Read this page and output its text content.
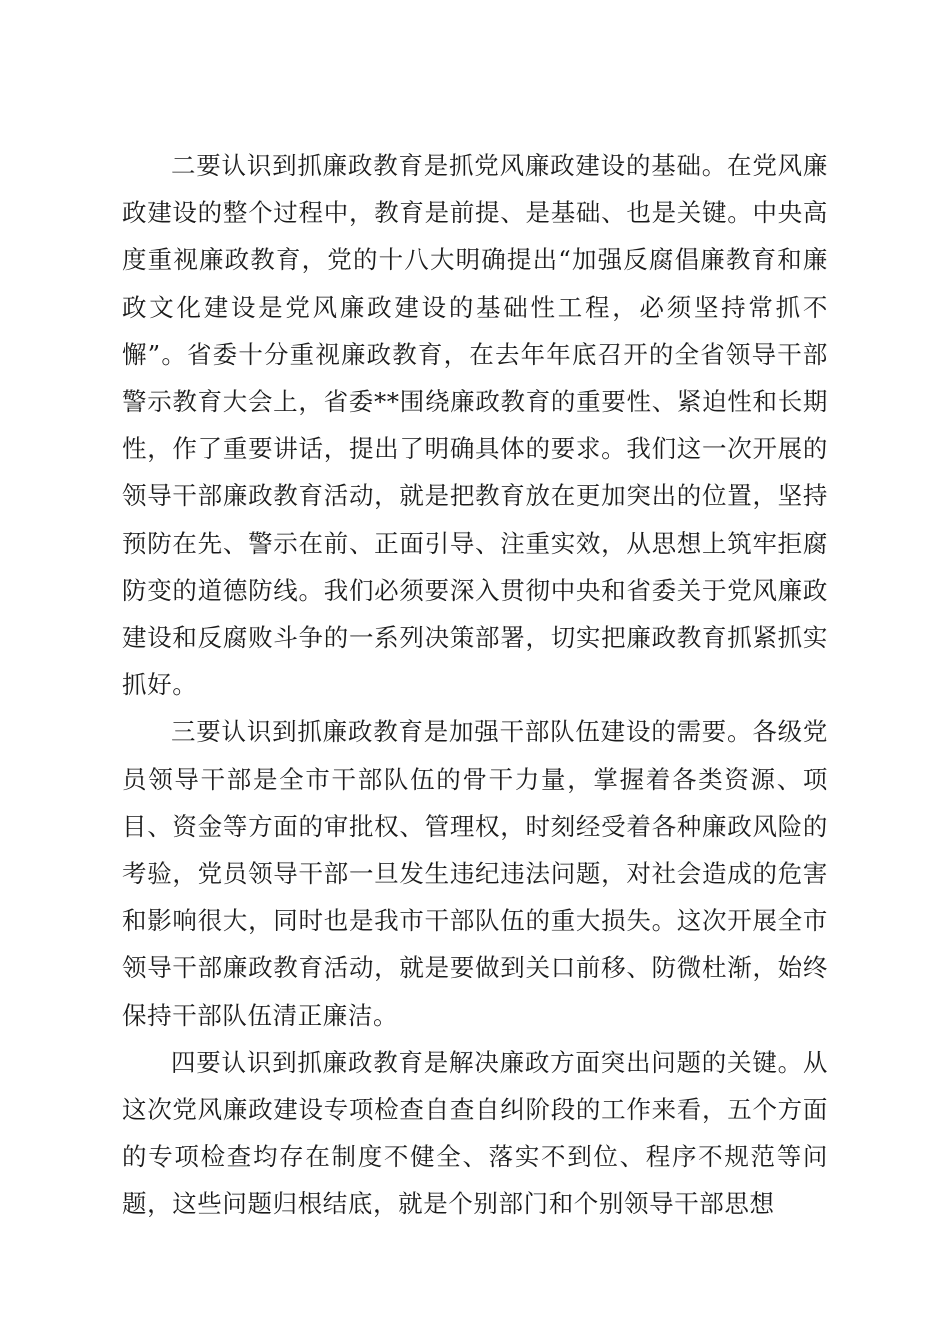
二要认识到抓廉政教育是抓党风廉政建设的基础。在党风廉政建设的整个过程中，教育是前提、是基础、也是关键。中央高度重视廉政教育，党的十八大明确提出“加强反腐倡廉教育和廉政文化建设是党风廉政建设的基础性工程，必须坚持常抓不懈”。省委十分重视廉政教育，在去年年底召开的全省领导干部警示教育大会上，省委**围绕廉政教育的重要性、紧迫性和长期性，作了重要讲话，提出了明确具体的要求。我们这一次开展的领导干部廉政教育活动，就是把教育放在更加突出的位置，坚持预防在先、警示在前、正面引导、注重实效，从思想上筑牢拒腐防变的道德防线。我们必须要深入贯彻中央和省委关于党风廉政建设和反腐败斗争的一系列决策部署，切实把廉政教育抓紧抓实抓好。

三要认识到抓廉政教育是加强干部队伍建设的需要。各级党员领导干部是全市干部队伍的骨干力量，掌握着各类资源、项目、资金等方面的审批权、管理权，时刻经受着各种廉政风险的考验，党员领导干部一旦发生违纪违法问题，对社会造成的危害和影响很大，同时也是我市干部队伍的重大损失。这次开展全市领导干部廉政教育活动，就是要做到关口前移、防微杜渐，始终保持干部队伍清正廉洁。

四要认识到抓廉政教育是解决廉政方面突出问题的关键。从这次党风廉政建设专项检查自查自纠阶段的工作来看，五个方面的专项检查均存在制度不健全、落实不到位、程序不规范等问题，这些问题归根结底，就是个别部门和个别领导干部思想
